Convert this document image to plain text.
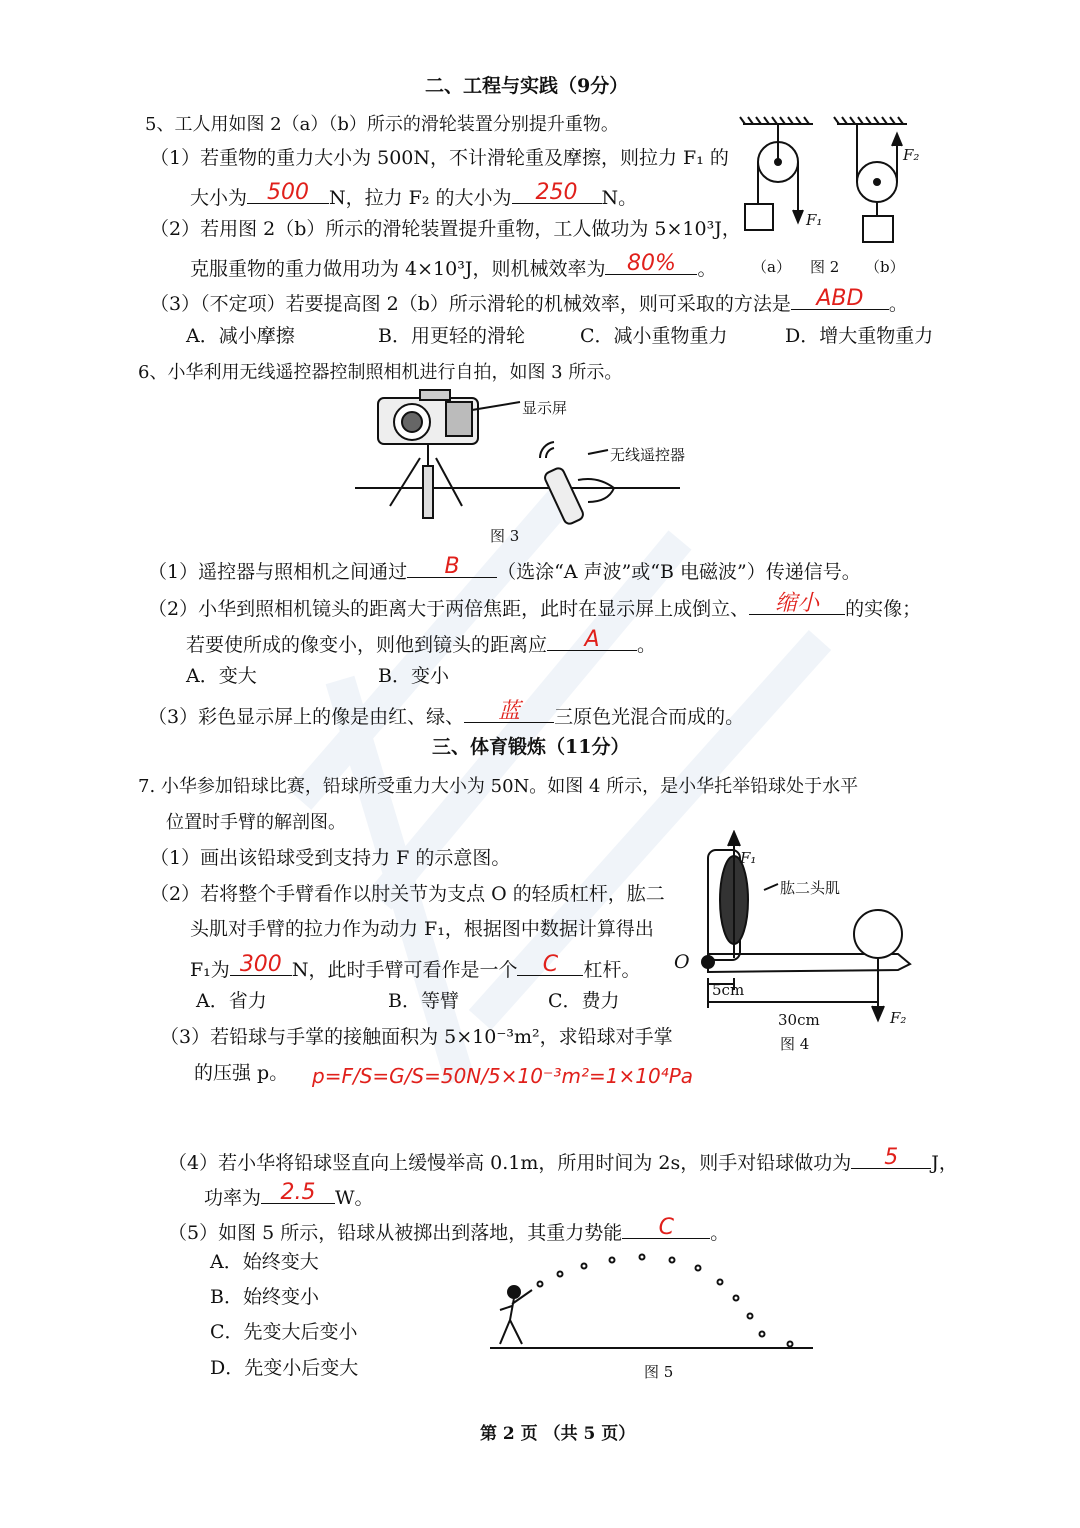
二、工程与实践（9分）
5、工人用如图 2（a）（b）所示的滑轮装置分别提升重物。
（1）若重物的重力大小为 500N，不计滑轮重及摩擦，则拉力 F₁ 的
大小为 500	N，拉力 F₂ 的大小为	250	N。
（2）若用图 2（b）所示的滑轮装置提升重物，工人做功为 5×10³J，
克服重物的重力做用功为 4×10³J，则机械效率为 80%	。
（3）（不定项）若要提高图 2（b）所示滑轮的机械效率，则可采取的方法是	ABD	。
A．减小摩擦	B．用更轻的滑轮	C．减小重物重力	D．增大重物重力
F₁
F₂
（a） 图 2 （b）
6、小华利用无线遥控器控制照相机进行自拍，如图 3 所示。
显示屏
无线遥控器
图 3
（1）遥控器与照相机之间通过	B	（选涂“A 声波”或“B 电磁波”）传递信号。
（2）小华到照相机镜头的距离大于两倍焦距，此时在显示屏上成倒立、	缩小	的实像；
若要使所成的像变小，则他到镜头的距离应	A	。
A．变大	B．变小
（3）彩色显示屏上的像是由红、绿、	蓝	三原色光混合而成的。
三、体育锻炼（11分）
7. 小华参加铅球比赛，铅球所受重力大小为 50N。如图 4 所示，是小华托举铅球处于水平
位置时手臂的解剖图。
（1）画出该铅球受到支持力 F 的示意图。
（2）若将整个手臂看作以肘关节为支点 O 的轻质杠杆，肱二
头肌对手臂的拉力作为动力 F₁，根据图中数据计算得出
F₁为 300 N，此时手臂可看作是一个	C	杠杆。
A．省力	B．等臂	C．费力
（3）若铅球与手掌的接触面积为 5×10⁻³m²，求铅球对手掌
的压强 p。 p=F/S=G/S=50N/5×10⁻³m²=1×10⁴Pa
F₁
肱二头肌
O
5cm
30cm	F₂
图 4
（4）若小华将铅球竖直向上缓慢举高 0.1m，所用时间为 2s，则手对铅球做功为	5	J，
功率为 2.5	W。
（5）如图 5 所示，铅球从被掷出到落地，其重力势能	C	。
A．始终变大
B．始终变小
C．先变大后变小
D．先变小后变大	图 5
第 2 页 （共 5 页）
